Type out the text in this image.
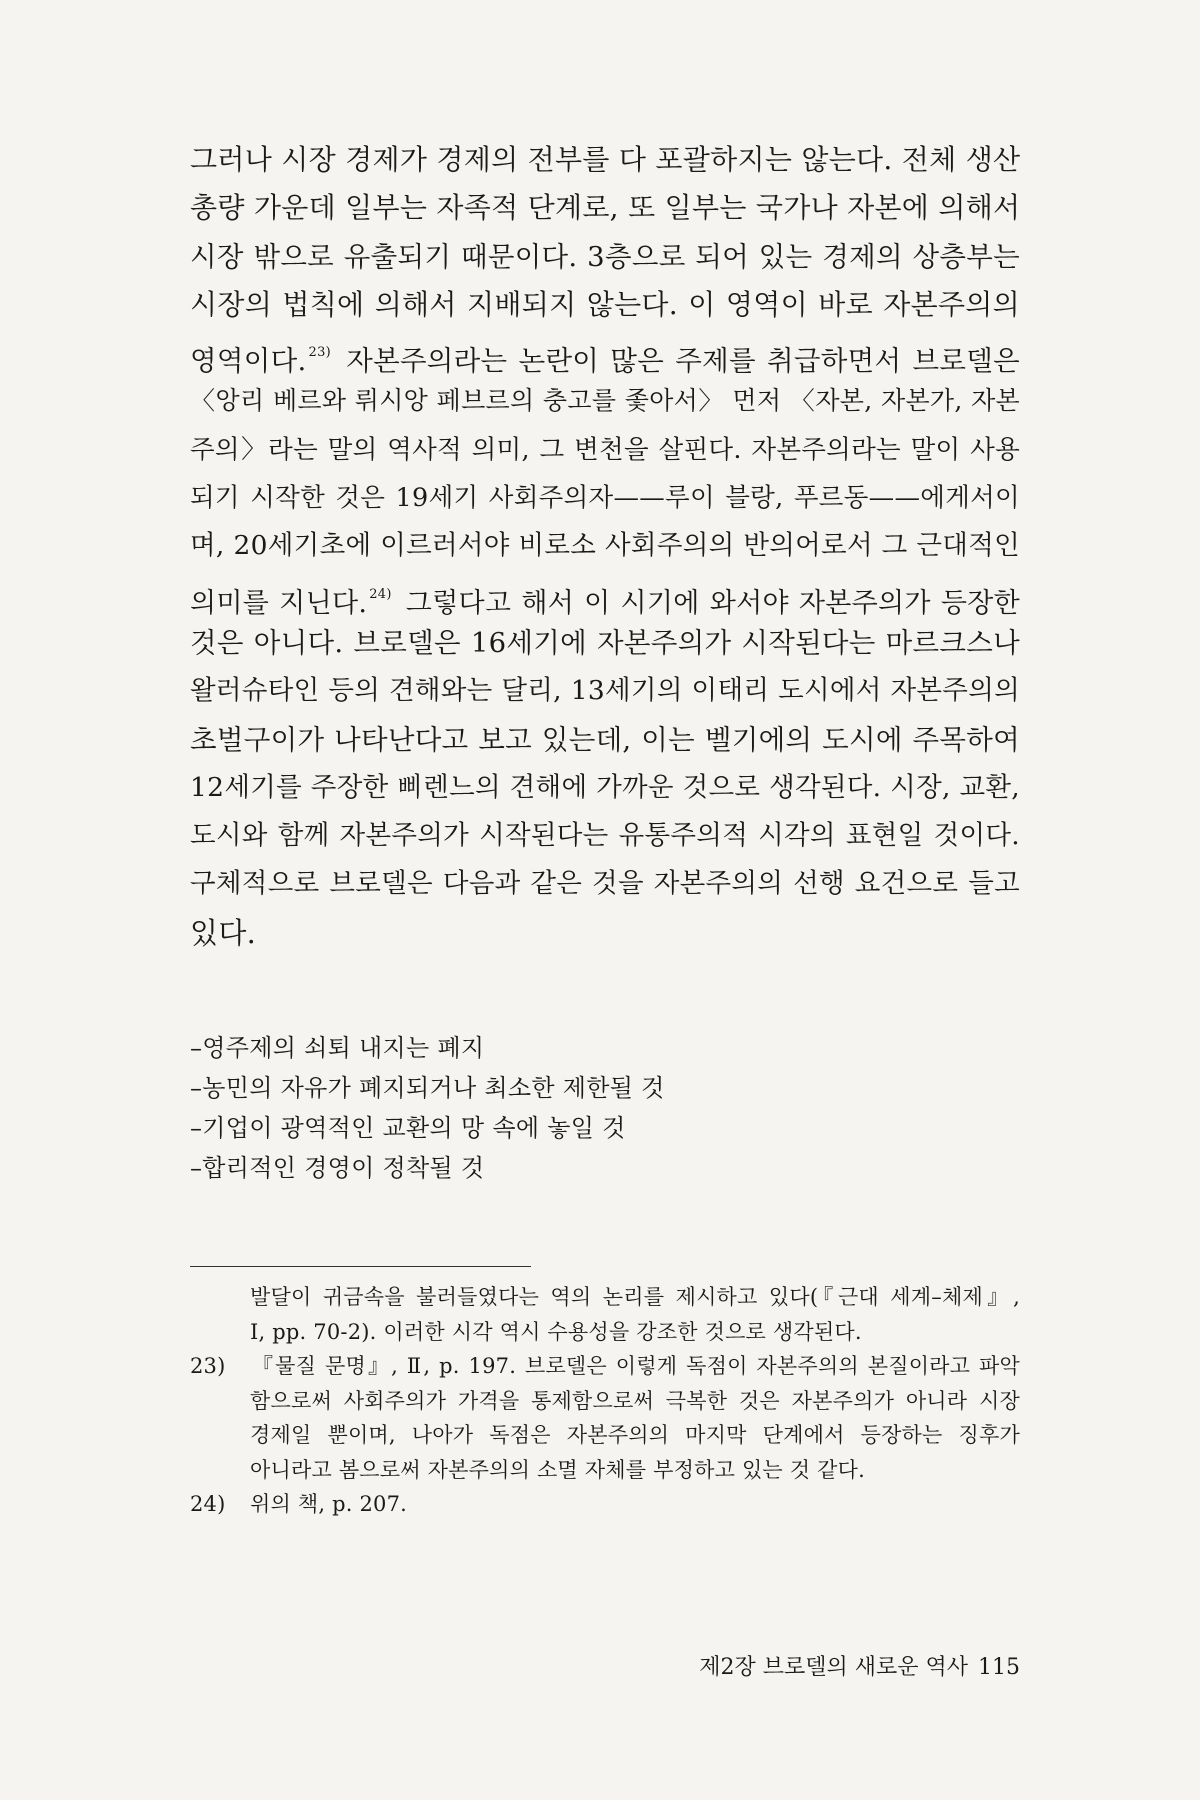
그러나 시장 경제가 경제의 전부를 다 포괄하지는 않는다. 전체 생산
총량 가운데 일부는 자족적 단계로, 또 일부는 국가나 자본에 의해서
시장 밖으로 유출되기 때문이다. 3층으로 되어 있는 경제의 상층부는
시장의 법칙에 의해서 지배되지 않는다. 이 영역이 바로 자본주의의
영역이다. $^{23)}$ 자본주의라는 논란이 많은 주제를 취급하면서 브로델은
〈앙리 베르와 뤼시앙 페브르의 충고를 좇아서〉 먼저 〈자본, 자본가, 자본
주의〉라는 말의 역사적 의미, 그 변천을 살핀다. 자본주의라는 말이 사용
되기 시작한 것은 19세기 사회주의자——루이 블랑, 푸르동——에게서이
며, 20세기초에 이르러서야 비로소 사회주의의 반의어로서 그 근대적인
의미를 지닌다. $^{24)}$ 그렇다고 해서 이 시기에 와서야 자본주의가 등장한
것은 아니다. 브로델은 16세기에 자본주의가 시작된다는 마르크스나
왈러슈타인 등의 견해와는 달리, 13세기의 이태리 도시에서 자본주의의
초벌구이가 나타난다고 보고 있는데, 이는 벨기에의 도시에 주목하여
12세기를 주장한 삐렌느의 견해에 가까운 것으로 생각된다. 시장, 교환,
도시와 함께 자본주의가 시작된다는 유통주의적 시각의 표현일 것이다.
구체적으로 브로델은 다음과 같은 것을 자본주의의 선행 요건으로 들고
있다.
–영주제의 쇠퇴 내지는 폐지
–농민의 자유가 폐지되거나 최소한 제한될 것
–기업이 광역적인 교환의 망 속에 놓일 것
–합리적인 경영이 정착될 것
발달이 귀금속을 불러들였다는 역의 논리를 제시하고 있다(『근대 세계–체제』,
Ⅰ, pp. 70-2). 이러한 시각 역시 수용성을 강조한 것으로 생각된다.
23) 『물질 문명』, Ⅱ, p. 197. 브로델은 이렇게 독점이 자본주의의 본질이라고 파악
함으로써 사회주의가 가격을 통제함으로써 극복한 것은 자본주의가 아니라 시장
경제일 뿐이며, 나아가 독점은 자본주의의 마지막 단계에서 등장하는 징후가
아니라고 봄으로써 자본주의의 소멸 자체를 부정하고 있는 것 같다.
24) 위의 책, p. 207.
제2장 브로델의 새로운 역사 115
